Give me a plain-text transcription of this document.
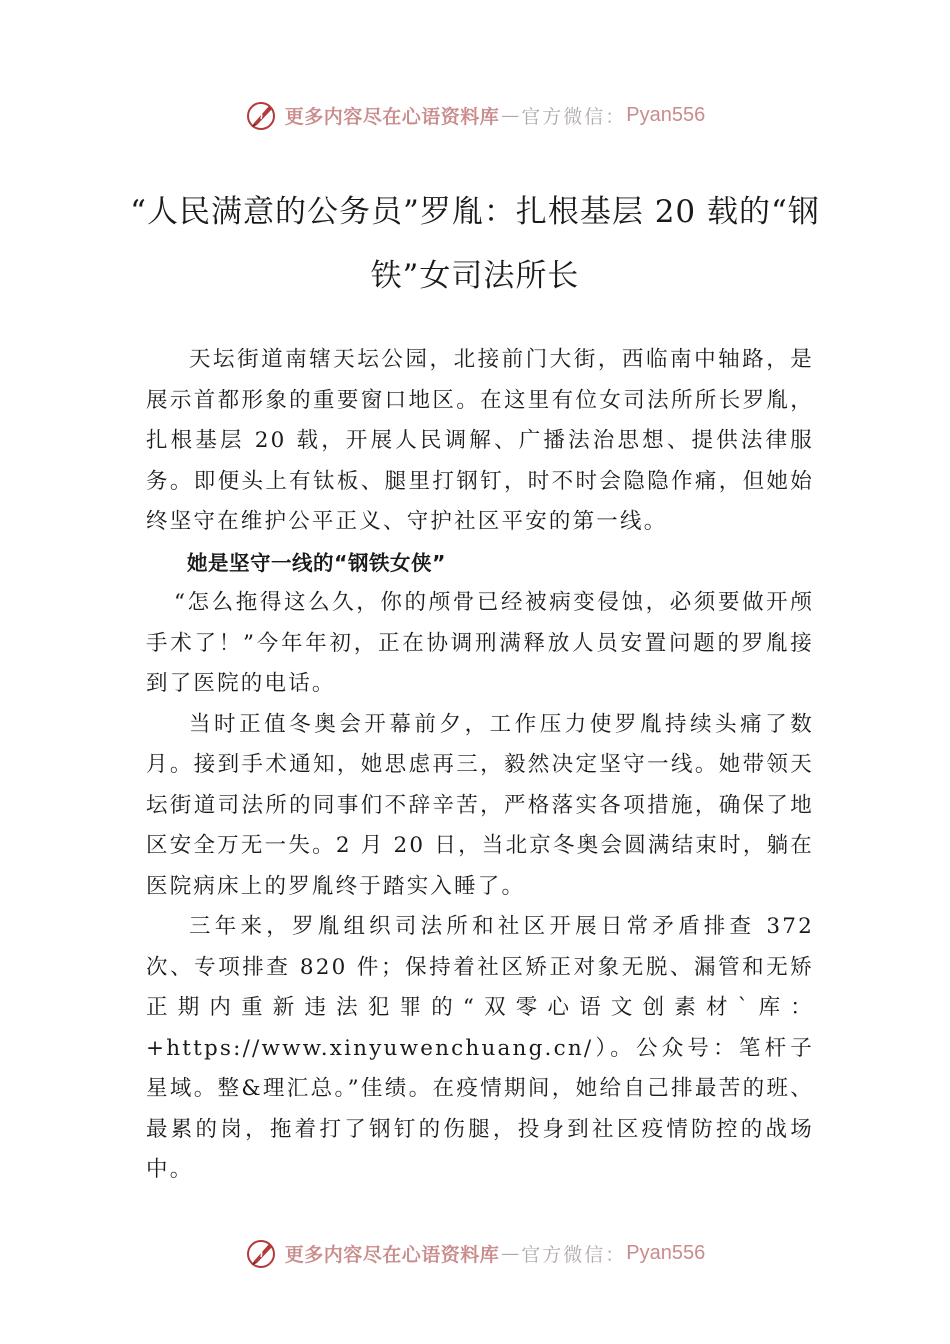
更多内容尽在心语资料库 — 官方微信： Pyan556
“人民满意的公务员”罗胤：扎根基层 20 载的“钢铁”女司法所长

天坛街道南辖天坛公园，北接前门大街，西临南中轴路，是展示首都形象的重要窗口地区。在这里有位女司法所所长罗胤，扎根基层 20 载，开展人民调解、广播法治思想、提供法律服务。即便头上有钛板、腿里打钢钉，时不时会隐隐作痛，但她始终坚守在维护公平正义、守护社区平安的第一线。

她是坚守一线的“钢铁女侠”

“怎么拖得这么久，你的颅骨已经被病变侵蚀，必须要做开颅手术了！”今年年初，正在协调刑满释放人员安置问题的罗胤接到了医院的电话。

当时正值冬奥会开幕前夕，工作压力使罗胤持续头痛了数月。接到手术通知，她思虑再三，毅然决定坚守一线。她带领天坛街道司法所的同事们不辞辛苦，严格落实各项措施，确保了地区安全万无一失。2 月 20 日，当北京冬奥会圆满结束时，躺在医院病床上的罗胤终于踏实入睡了。

三年来，罗胤组织司法所和社区开展日常矛盾排查 372 次、专项排查 820 件；保持着社区矫正对象无脱、漏管和无矫正期内重新违法犯罪的“双零心语文创素材`库：+https://www.xinyuwenchuang.cn/）。公众号：笔杆子星域。整&理汇总。”佳绩。在疫情期间，她给自己排最苦的班、最累的岗，拖着打了钢钉的伤腿，投身到社区疫情防控的战场中。

更多内容尽在心语资料库 — 官方微信： Pyan556
